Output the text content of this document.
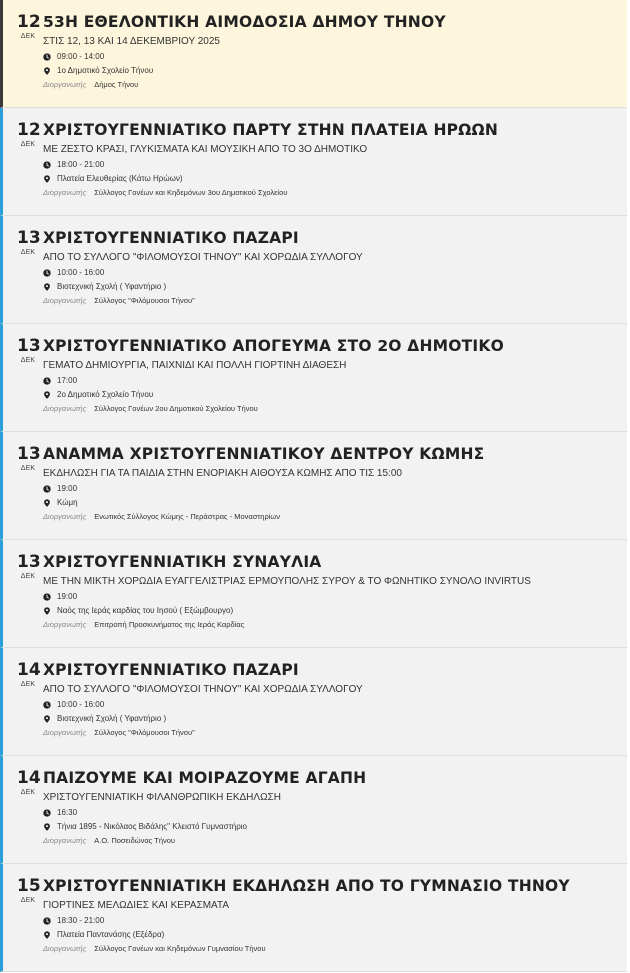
12
ΔΕΚ
53Η ΕΘΕΛΟΝΤΙΚΗ ΑΙΜΟΔΟΣΙΑ ΔΗΜΟΥ ΤΗΝΟΥ
ΣΤΙΣ 12, 13 ΚΑΙ 14 ΔΕΚΕΜΒΡΙΟΥ 2025
09:00 - 14:00
1ο Δημοτικό Σχολείο Τήνου
Διοργανωτής Δήμος Τήνου
12
ΔΕΚ
ΧΡΙΣΤΟΥΓΕΝΝΙΑΤΙΚΟ ΠΑΡΤΥ ΣΤΗΝ ΠΛΑΤΕΙΑ ΗΡΩΩΝ
ΜΕ ΖΕΣΤΟ ΚΡΑΣΙ, ΓΛΥΚΙΣΜΑΤΑ ΚΑΙ ΜΟΥΣΙΚΗ ΑΠΟ ΤΟ 3Ο ΔΗΜΟΤΙΚΟ
18:00 - 21:00
Πλατεία Ελευθερίας (Κάτω Ηρώων)
Διοργανωτής Σύλλογος Γονέων και Κηδεμόνων 3ου Δημοτικού Σχολείου
13
ΔΕΚ
ΧΡΙΣΤΟΥΓΕΝΝΙΑΤΙΚΟ ΠΑΖΑΡΙ
ΑΠΟ ΤΟ ΣΥΛΛΟΓΟ "ΦΙΛΟΜΟΥΣΟΙ ΤΗΝΟΥ" ΚΑΙ ΧΟΡΩΔΙΑ ΣΥΛΛΟΓΟΥ
10:00 - 16:00
Βιοτεχνική Σχολή ( Υφαντήριο )
Διοργανωτής Σύλλογος "Φιλόμουσοι Τήνου"
13
ΔΕΚ
ΧΡΙΣΤΟΥΓΕΝΝΙΑΤΙΚΟ ΑΠΟΓΕΥΜΑ ΣΤΟ 2Ο ΔΗΜΟΤΙΚΟ
ΓΕΜΑΤΟ ΔΗΜΙΟΥΡΓΙΑ, ΠΑΙΧΝΙΔΙ ΚΑΙ ΠΟΛΛΗ ΓΙΟΡΤΙΝΗ ΔΙΑΘΕΣΗ
17:00
2ο Δημοτικό Σχολείο Τήνου
Διοργανωτής Σύλλογος Γονέων 2ου Δημοτικού Σχολείου Τήνου
13
ΔΕΚ
ΑΝΑΜΜΑ ΧΡΙΣΤΟΥΓΕΝΝΙΑΤΙΚΟΥ ΔΕΝΤΡΟΥ ΚΩΜΗΣ
ΕΚΔΗΛΩΣΗ ΓΙΑ ΤΑ ΠΑΙΔΙΑ ΣΤΗΝ ΕΝΟΡΙΑΚΗ ΑΙΘΟΥΣΑ ΚΩΜΗΣ ΑΠΟ ΤΙΣ 15:00
19:00
Κώμη
Διοργανωτής Ενωτικός Σύλλογος Κώμης - Περάστρας - Μοναστηρίων
13
ΔΕΚ
ΧΡΙΣΤΟΥΓΕΝΝΙΑΤΙΚΗ ΣΥΝΑΥΛΙΑ
ΜΕ ΤΗΝ ΜΙΚΤΗ ΧΟΡΩΔΙΑ ΕΥΑΓΓΕΛΙΣΤΡΙΑΣ ΕΡΜΟΥΠΟΛΗΣ ΣΥΡΟΥ & ΤΟ ΦΩΝΗΤΙΚΟ ΣΥΝΟΛΟ INVIRTUS
19:00
Ναός της Ιεράς καρδίας του Ιησού ( Εξώμβουργο)
Διοργανωτής Επιτροπή Προσκυνήματος της Ιεράς Καρδίας
14
ΔΕΚ
ΧΡΙΣΤΟΥΓΕΝΝΙΑΤΙΚΟ ΠΑΖΑΡΙ
ΑΠΟ ΤΟ ΣΥΛΛΟΓΟ "ΦΙΛΟΜΟΥΣΟΙ ΤΗΝΟΥ" ΚΑΙ ΧΟΡΩΔΙΑ ΣΥΛΛΟΓΟΥ
10:00 - 16:00
Βιοτεχνική Σχολή ( Υφαντήριο )
Διοργανωτής Σύλλογος "Φιλόμουσοι Τήνου"
14
ΔΕΚ
ΠΑΙΖΟΥΜΕ ΚΑΙ ΜΟΙΡΑΖΟΥΜΕ ΑΓΑΠΗ
ΧΡΙΣΤΟΥΓΕΝΝΙΑΤΙΚΗ ΦΙΛΑΝΘΡΩΠΙΚΗ ΕΚΔΗΛΩΣΗ
16:30
Τήνια 1895 - Νικόλαος Βιδάλης" Κλειστό Γυμναστήριο
Διοργανωτής Α.Ο. Ποσειδώνας Τήνου
15
ΔΕΚ
ΧΡΙΣΤΟΥΓΕΝΝΙΑΤΙΚΗ ΕΚΔΗΛΩΣΗ ΑΠΟ ΤΟ ΓΥΜΝΑΣΙΟ ΤΗΝΟΥ
ΓΙΟΡΤΙΝΕΣ ΜΕΛΩΔΙΕΣ ΚΑΙ ΚΕΡΑΣΜΑΤΑ
18:30 - 21:00
Πλατεία Παντανάσης (Εξέδρα)
Διοργανωτής Σύλλογος Γονέων και Κηδεμόνων Γυμνασίου Τήνου
